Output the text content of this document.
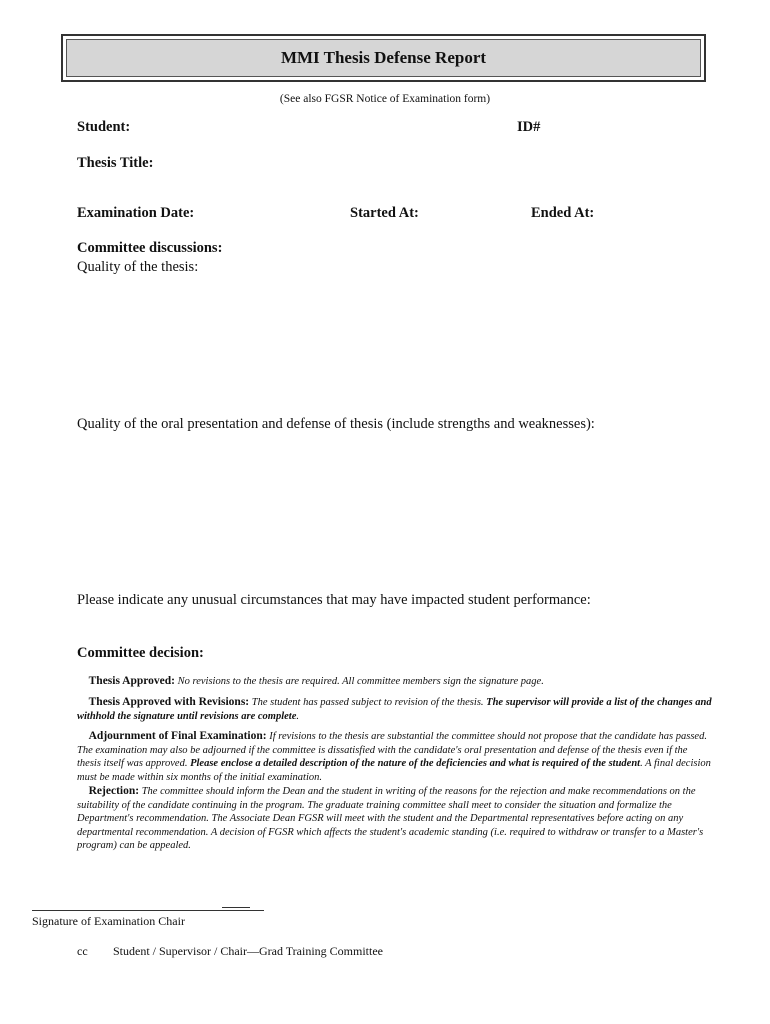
MMI Thesis Defense Report
(See also FGSR Notice of Examination form)
Student:	ID#
Thesis Title:
Examination Date:	Started At:	Ended At:
Committee discussions:
Quality of the thesis:
Quality of the oral presentation and defense of thesis (include strengths and weaknesses):
Please indicate any unusual circumstances that may have impacted student performance:
Committee decision:
Thesis Approved: No revisions to the thesis are required. All committee members sign the signature page.
Thesis Approved with Revisions: The student has passed subject to revision of the thesis. The supervisor will provide a list of the changes and withhold the signature until revisions are complete.
Adjournment of Final Examination: If revisions to the thesis are substantial the committee should not propose that the candidate has passed. The examination may also be adjourned if the committee is dissatisfied with the candidate's oral presentation and defense of the thesis even if the thesis itself was approved. Please enclose a detailed description of the nature of the deficiencies and what is required of the student. A final decision must be made within six months of the initial examination.
Rejection: The committee should inform the Dean and the student in writing of the reasons for the rejection and make recommendations on the suitability of the candidate continuing in the program. The graduate training committee shall meet to consider the situation and formalize the Department's recommendation. The Associate Dean FGSR will meet with the student and the Departmental representatives before acting on any departmental recommendation. A decision of FGSR which affects the student's academic standing (i.e. required to withdraw or transfer to a Master's program) can be appealed.
Signature of Examination Chair
cc Student / Supervisor / Chair—Grad Training Committee
